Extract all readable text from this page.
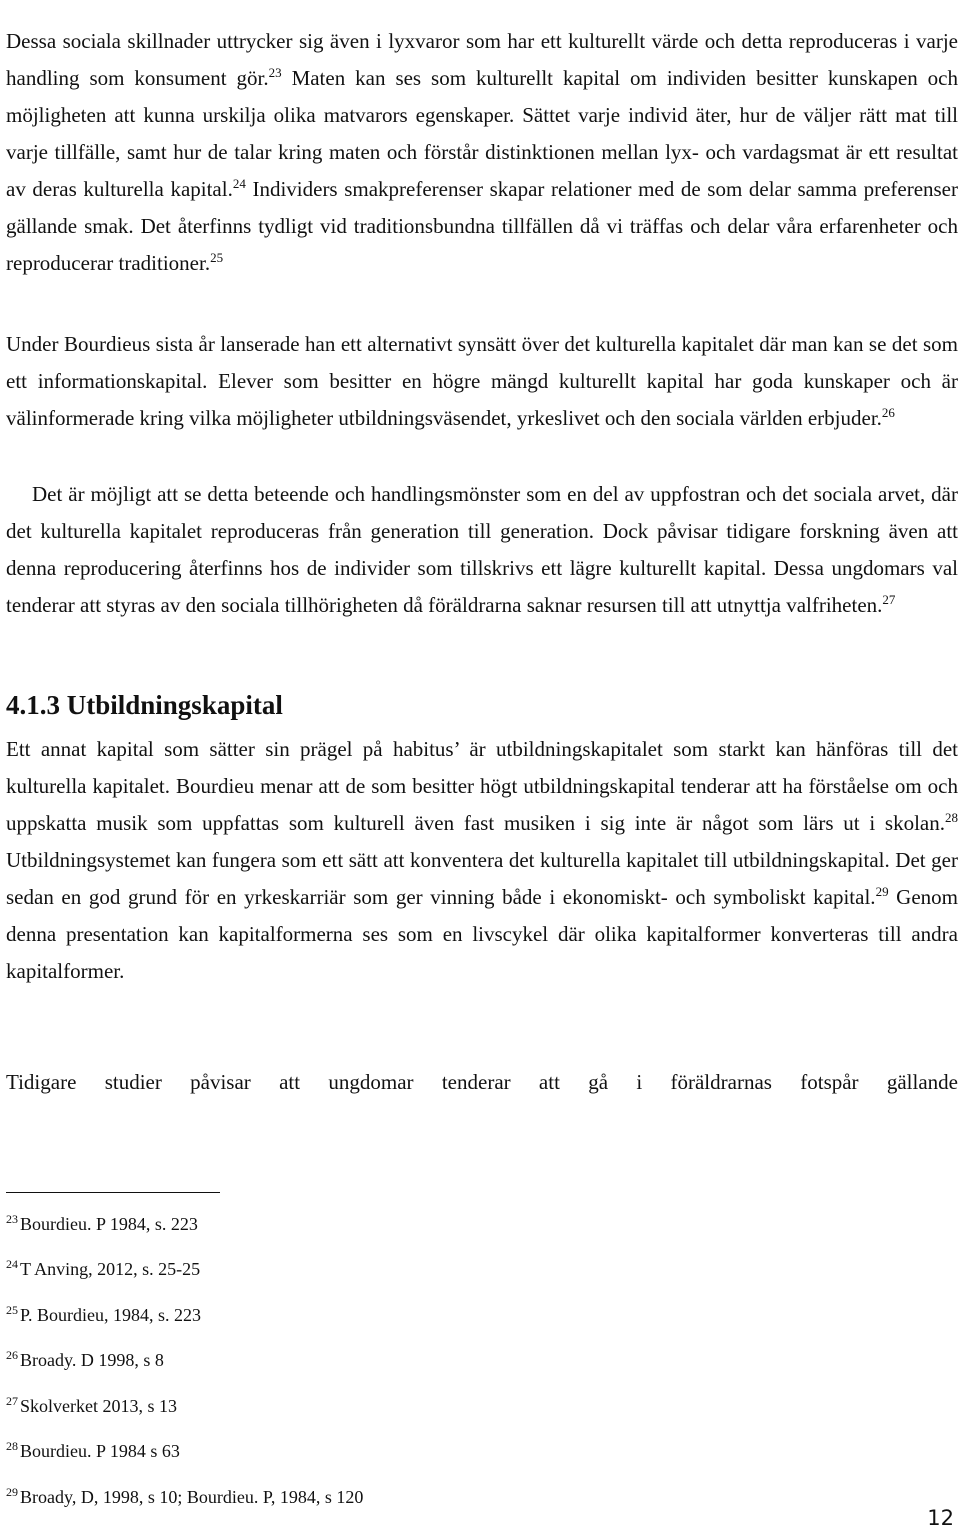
Dessa sociala skillnader uttrycker sig även i lyxvaror som har ett kulturellt värde och detta reproduceras i varje handling som konsument gör.$^{23}$ Maten kan ses som kulturellt kapital om individen besitter kunskapen och möjligheten att kunna urskilja olika matvarors egenskaper. Sättet varje individ äter, hur de väljer rätt mat till varje tillfälle, samt hur de talar kring maten och förstår distinktionen mellan lyx- och vardagsmat är ett resultat av deras kulturella kapital.$^{24}$ Individers smakpreferenser skapar relationer med de som delar samma preferenser gällande smak. Det återfinns tydligt vid traditionsbundna tillfällen då vi träffas och delar våra erfarenheter och reproducerar traditioner.$^{25}$

Under Bourdieus sista år lanserade han ett alternativt synsätt över det kulturella kapitalet där man kan se det som ett informationskapital. Elever som besitter en högre mängd kulturellt kapital har goda kunskaper och är välinformerade kring vilka möjligheter utbildningsväsendet, yrkeslivet och den sociala världen erbjuder.$^{26}$

Det är möjligt att se detta beteende och handlingsmönster som en del av uppfostran och det sociala arvet, där det kulturella kapitalet reproduceras från generation till generation. Dock påvisar tidigare forskning även att denna reproducering återfinns hos de individer som tillskrivs ett lägre kulturellt kapital. Dessa ungdomars val tenderar att styras av den sociala tillhörigheten då föräldrarna saknar resursen till att utnyttja valfriheten.$^{27}$

4.1.3 Utbildningskapital

Ett annat kapital som sätter sin prägel på habitus’ är utbildningskapitalet som starkt kan hänföras till det kulturella kapitalet. Bourdieu menar att de som besitter högt utbildningskapital tenderar att ha förståelse om och uppskatta musik som uppfattas som kulturell även fast musiken i sig inte är något som lärs ut i skolan.$^{28}$ Utbildningsystemet kan fungera som ett sätt att konventera det kulturella kapitalet till utbildningskapital. Det ger sedan en god grund för en yrkeskarriär som ger vinning både i ekonomiskt- och symboliskt kapital.$^{29}$ Genom denna presentation kan kapitalformerna ses som en livscykel där olika kapitalformer konverteras till andra kapitalformer.

Tidigare studier påvisar att ungdomar tenderar att gå i föräldrarnas fotspår gällande

$^{23}$ Bourdieu. P 1984, s. 223

$^{24}$ T Anving, 2012, s. 25-25

$^{25}$ P. Bourdieu, 1984, s. 223

$^{26}$ Broady. D 1998, s 8

$^{27}$ Skolverket 2013, s 13

$^{28}$ Bourdieu. P 1984 s 63

$^{29}$ Broady, D, 1998, s 10; Bourdieu. P, 1984, s 120

12
